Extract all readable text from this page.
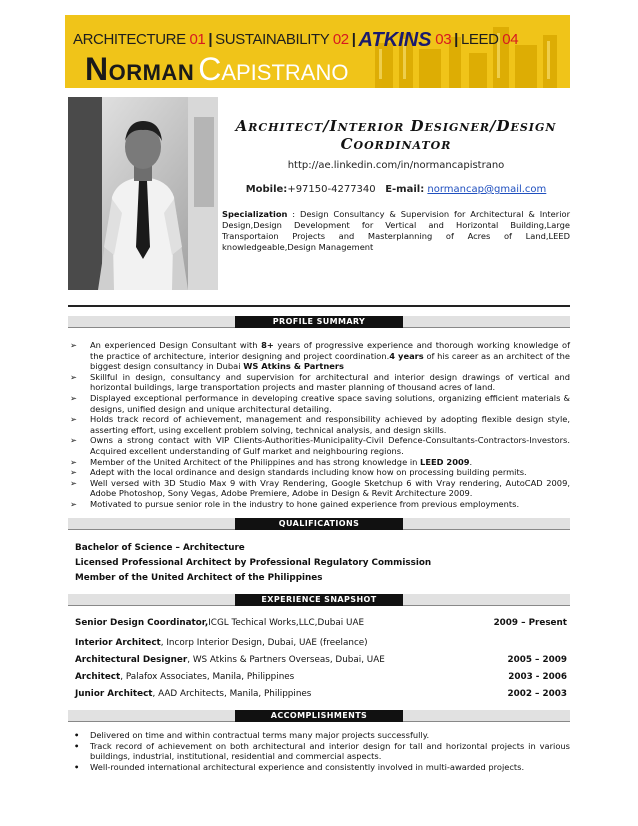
ARCHITECTURE 01 | SUSTAINABILITY 02 | ATKINS 03 | LEED 04
Norman Capistrano
Architect/Interior Designer/Design
Coordinator
http://ae.linkedin.com/in/normancapistrano
Mobile:+97150-4277340 E-mail: normancap@gmail.com
Specialization : Design Consultancy & Supervision for Architectural & Interior Design,Design Development for Vertical and Horizontal Building,Large Transportaion Projects and Masterplanning of Acres of Land,LEED knowledgeable,Design Management
PROFILE SUMMARY
➢ An experienced Design Consultant with 8+ years of progressive experience and thorough working knowledge of the practice of architecture, interior designing and project coordination.4 years of his career as an architect of the biggest design consultancy in Dubai WS Atkins & Partners
➢ Skillful in design, consultancy and supervision for architectural and interior design drawings of vertical and horizontal buildings, large transportation projects and master planning of thousand acres of land.
➢ Displayed exceptional performance in developing creative space saving solutions, organizing efficient materials & designs, unified design and unique architectural detailing.
➢ Holds track record of achievement, management and responsibility achieved by adopting flexible design style, asserting effort, using excellent problem solving, technical analysis, and design skills.
➢ Owns a strong contact with VIP Clients-Authorities-Municipality-Civil Defence-Consultants-Contractors-Investors. Acquired excellent understanding of Gulf market and neighbouring regions.
➢ Member of the United Architect of the Philippines and has strong knowledge in LEED 2009.
➢ Adept with the local ordinance and design standards including know how on processing building permits.
➢ Well versed with 3D Studio Max 9 with Vray Rendering, Google Sketchup 6 with Vray rendering, AutoCAD 2009, Adobe Photoshop, Sony Vegas, Adobe Premiere, Adobe in Design & Revit Architecture 2009.
➢ Motivated to pursue senior role in the industry to hone gained experience from previous employments.
QUALIFICATIONS
Bachelor of Science – Architecture
Licensed Professional Architect by Professional Regulatory Commission
Member of the United Architect of the Philippines
EXPERIENCE SNAPSHOT
Senior Design Coordinator,ICGL Techical Works,LLC,Dubai UAE	2009 – Present
Interior Architect, Incorp Interior Design, Dubai, UAE (freelance)
Architectural Designer, WS Atkins & Partners Overseas, Dubai, UAE	2005 – 2009
Architect, Palafox Associates, Manila, Philippines	2003 - 2006
Junior Architect, AAD Architects, Manila, Philippines	2002 – 2003
ACCOMPLISHMENTS
• Delivered on time and within contractual terms many major projects successfully.
• Track record of achievement on both architectural and interior design for tall and horizontal projects in various buildings, industrial, institutional, residential and commercial aspects.
• Well-rounded international architectural experience and consistently involved in multi-awarded projects.
